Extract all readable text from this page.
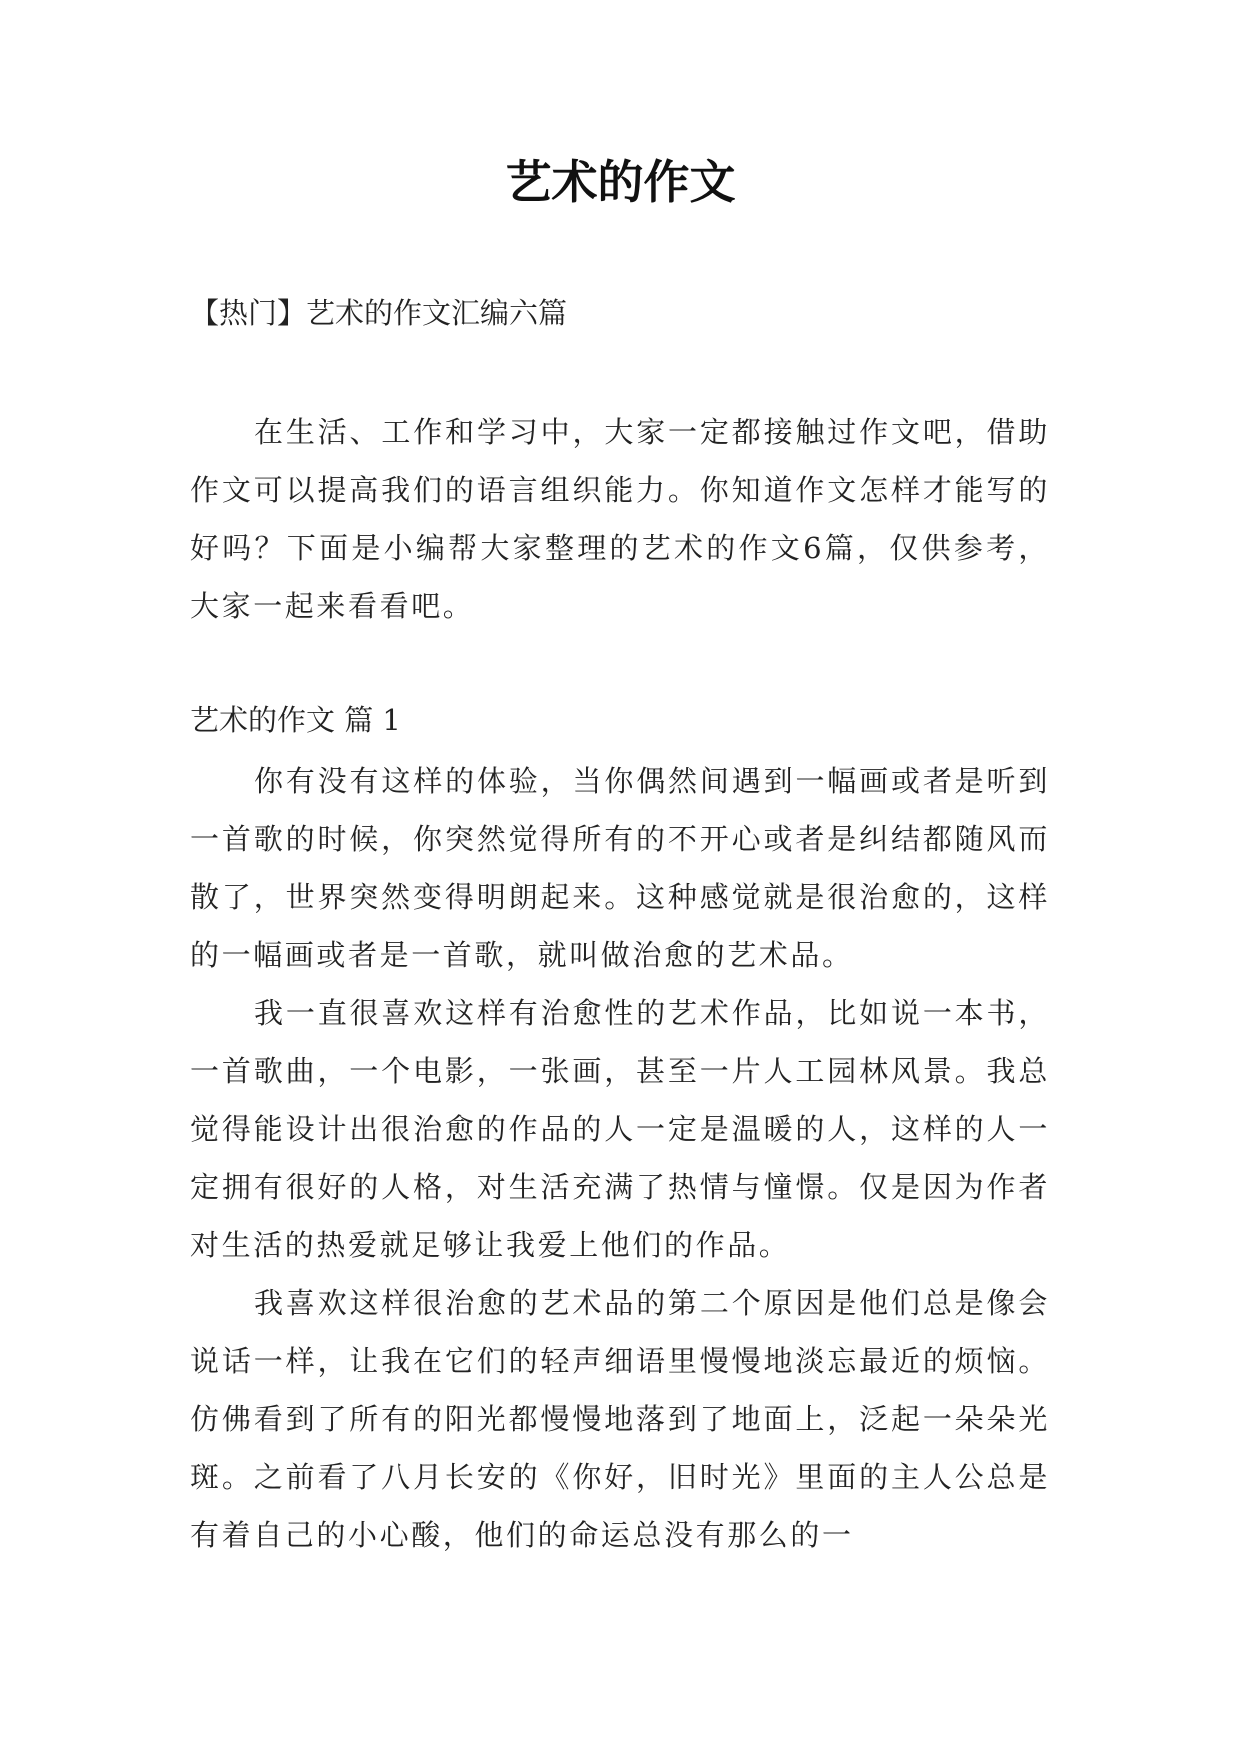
艺术的作文
【热门】艺术的作文汇编六篇

在生活、工作和学习中，大家一定都接触过作文吧，借助作文可以提高我们的语言组织能力。你知道作文怎样才能写的好吗？下面是小编帮大家整理的艺术的作文6篇，仅供参考，大家一起来看看吧。

艺术的作文 篇 1

你有没有这样的体验，当你偶然间遇到一幅画或者是听到一首歌的时候，你突然觉得所有的不开心或者是纠结都随风而散了，世界突然变得明朗起来。这种感觉就是很治愈的，这样的一幅画或者是一首歌，就叫做治愈的艺术品。

我一直很喜欢这样有治愈性的艺术作品，比如说一本书，一首歌曲，一个电影，一张画，甚至一片人工园林风景。我总觉得能设计出很治愈的作品的人一定是温暖的人，这样的人一定拥有很好的人格，对生活充满了热情与憧憬。仅是因为作者对生活的热爱就足够让我爱上他们的作品。

我喜欢这样很治愈的艺术品的第二个原因是他们总是像会说话一样，让我在它们的轻声细语里慢慢地淡忘最近的烦恼。仿佛看到了所有的阳光都慢慢地落到了地面上，泛起一朵朵光斑。之前看了八月长安的《你好，旧时光》里面的主人公总是有着自己的小心酸，他们的命运总没有那么的一
